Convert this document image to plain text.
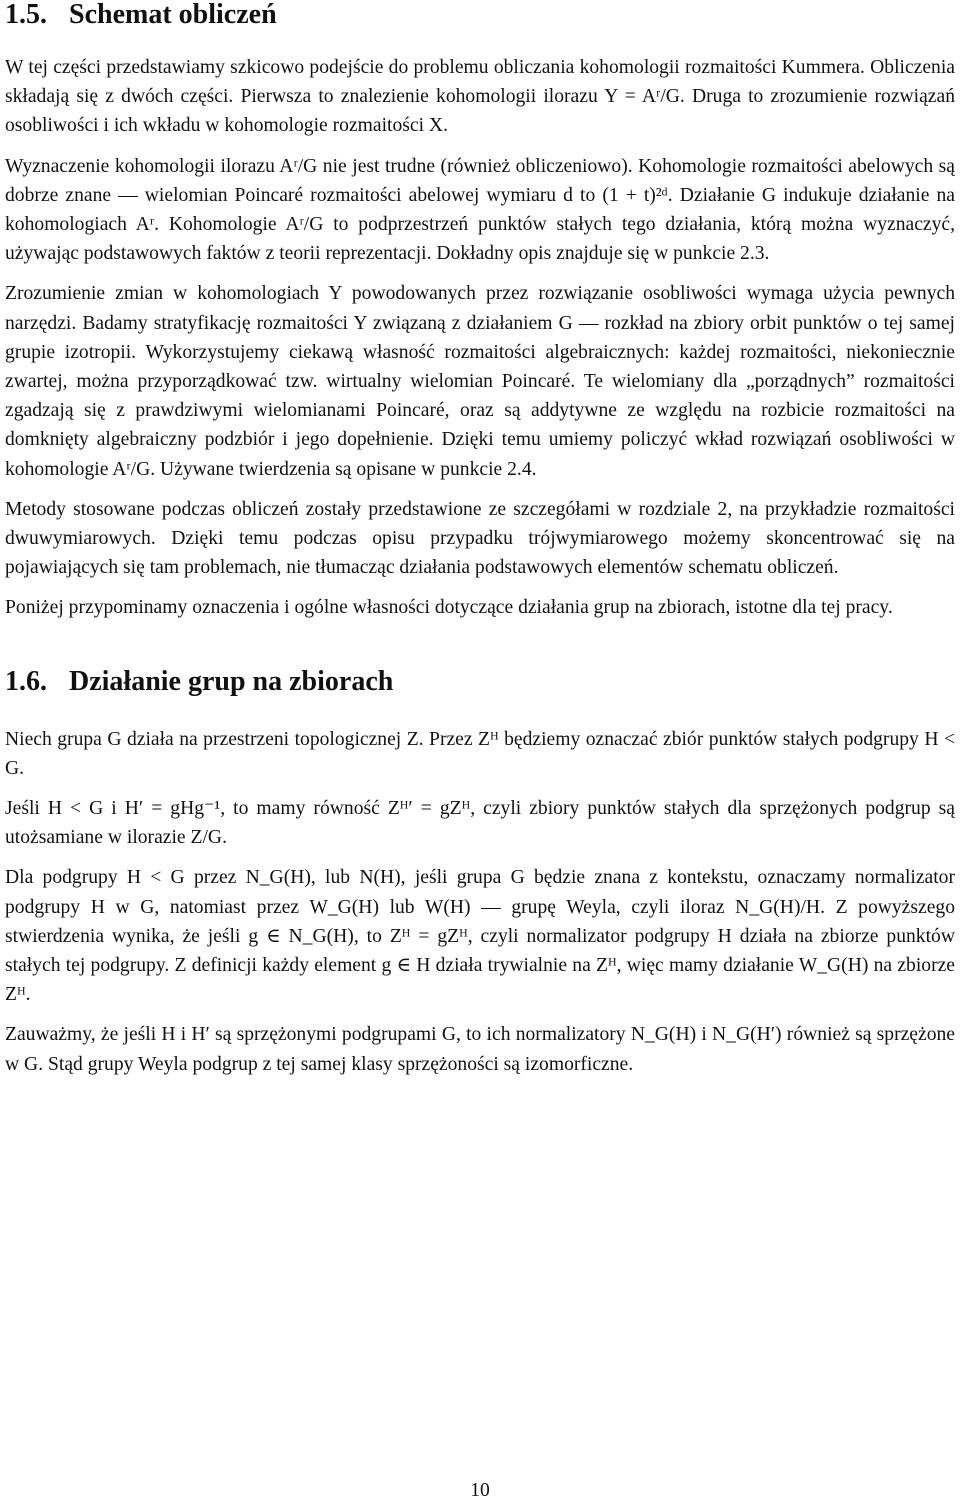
1.5. Schemat obliczeń

W tej części przedstawiamy szkicowo podejście do problemu obliczania kohomologii rozmaitości Kummera. Obliczenia składają się z dwóch części. Pierwsza to znalezienie kohomologii ilorazu Y = Aʳ/G. Druga to zrozumienie rozwiązań osobliwości i ich wkładu w kohomologie rozmaitości X.

Wyznaczenie kohomologii ilorazu Aʳ/G nie jest trudne (również obliczeniowo). Kohomologie rozmaitości abelowych są dobrze znane — wielomian Poincaré rozmaitości abelowej wymiaru d to (1 + t)²ᵈ. Działanie G indukuje działanie na kohomologiach Aʳ. Kohomologie Aʳ/G to podprzestrzeń punktów stałych tego działania, którą można wyznaczyć, używając podstawowych faktów z teorii reprezentacji. Dokładny opis znajduje się w punkcie 2.3.

Zrozumienie zmian w kohomologiach Y powodowanych przez rozwiązanie osobliwości wymaga użycia pewnych narzędzi. Badamy stratyfikację rozmaitości Y związaną z działaniem G — rozkład na zbiory orbit punktów o tej samej grupie izotropii. Wykorzystujemy ciekawą własność rozmaitości algebraicznych: każdej rozmaitości, niekoniecznie zwartej, można przyporządkować tzw. wirtualny wielomian Poincaré. Te wielomiany dla „porządnych” rozmaitości zgadzają się z prawdziwymi wielomianami Poincaré, oraz są addytywne ze względu na rozbicie rozmaitości na domknięty algebraiczny podzbiór i jego dopełnienie. Dzięki temu umiemy policzyć wkład rozwiązań osobliwości w kohomologie Aʳ/G. Używane twierdzenia są opisane w punkcie 2.4.

Metody stosowane podczas obliczeń zostały przedstawione ze szczegółami w rozdziale 2, na przykładzie rozmaitości dwuwymiarowych. Dzięki temu podczas opisu przypadku trójwymiarowego możemy skoncentrować się na pojawiających się tam problemach, nie tłumacząc działania podstawowych elementów schematu obliczeń.

Poniżej przypominamy oznaczenia i ogólne własności dotyczące działania grup na zbiorach, istotne dla tej pracy.

1.6. Działanie grup na zbiorach

Niech grupa G działa na przestrzeni topologicznej Z. Przez Zᴴ będziemy oznaczać zbiór punktów stałych podgrupy H < G.

Jeśli H < G i H′ = gHg⁻¹, to mamy równość Zᴴ′ = gZᴴ, czyli zbiory punktów stałych dla sprzężonych podgrup są utożsamiane w ilorazie Z/G.

Dla podgrupy H < G przez N_G(H), lub N(H), jeśli grupa G będzie znana z kontekstu, oznaczamy normalizator podgrupy H w G, natomiast przez W_G(H) lub W(H) — grupę Weyla, czyli iloraz N_G(H)/H. Z powyższego stwierdzenia wynika, że jeśli g ∈ N_G(H), to Zᴴ = gZᴴ, czyli normalizator podgrupy H działa na zbiorze punktów stałych tej podgrupy. Z definicji każdy element g ∈ H działa trywialnie na Zᴴ, więc mamy działanie W_G(H) na zbiorze Zᴴ.

Zauważmy, że jeśli H i H′ są sprzężonymi podgrupami G, to ich normalizatory N_G(H) i N_G(H′) również są sprzężone w G. Stąd grupy Weyla podgrup z tej samej klasy sprzężoności są izomorficzne.

10
